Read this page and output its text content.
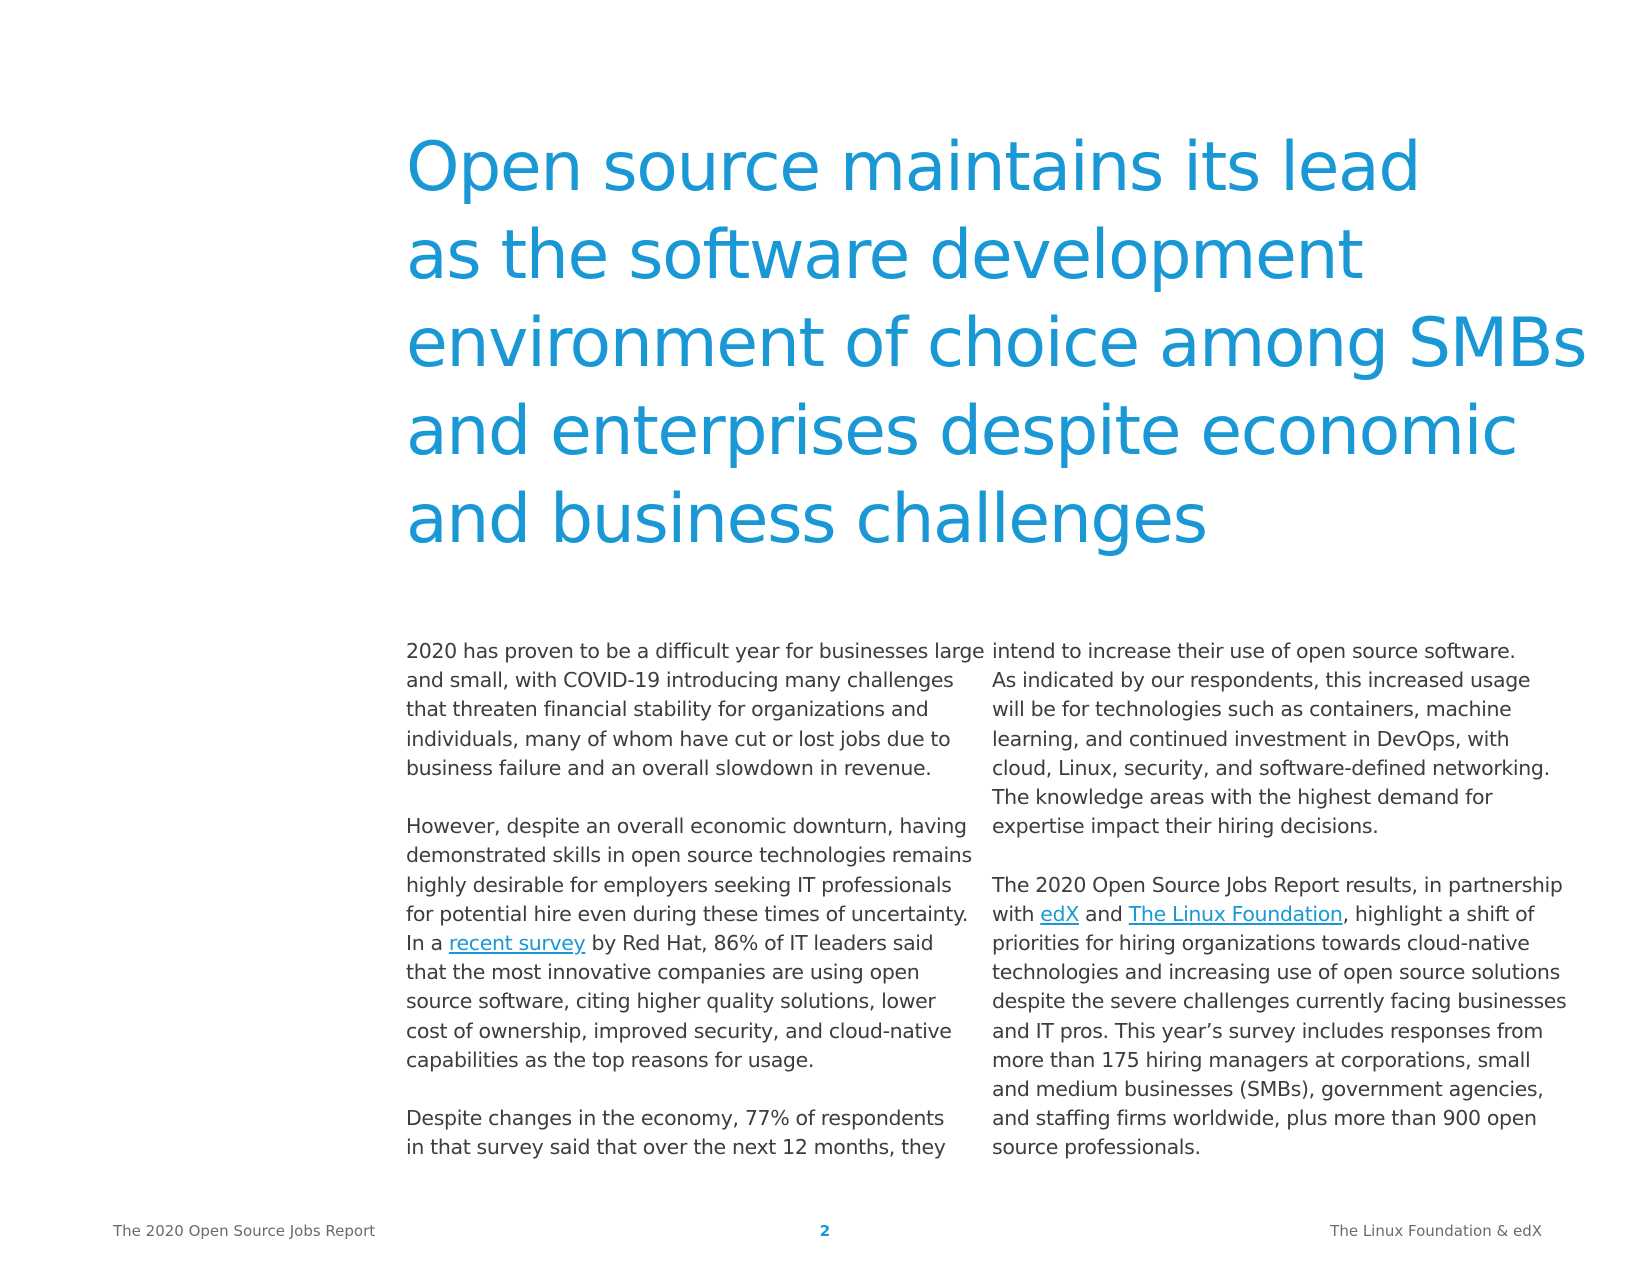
Open source maintains its lead
as the software development
environment of choice among SMBs
and enterprises despite economic
and business challenges

2020 has proven to be a difficult year for businesses large
and small, with COVID-19 introducing many challenges
that threaten financial stability for organizations and
individuals, many of whom have cut or lost jobs due to
business failure and an overall slowdown in revenue.

However, despite an overall economic downturn, having
demonstrated skills in open source technologies remains
highly desirable for employers seeking IT professionals
for potential hire even during these times of uncertainty.
In a recent survey by Red Hat, 86% of IT leaders said
that the most innovative companies are using open
source software, citing higher quality solutions, lower
cost of ownership, improved security, and cloud-native
capabilities as the top reasons for usage.

Despite changes in the economy, 77% of respondents
in that survey said that over the next 12 months, they

intend to increase their use of open source software.
As indicated by our respondents, this increased usage
will be for technologies such as containers, machine
learning, and continued investment in DevOps, with
cloud, Linux, security, and software-defined networking.
The knowledge areas with the highest demand for
expertise impact their hiring decisions.

The 2020 Open Source Jobs Report results, in partnership
with edX and The Linux Foundation, highlight a shift of
priorities for hiring organizations towards cloud-native
technologies and increasing use of open source solutions
despite the severe challenges currently facing businesses
and IT pros. This year’s survey includes responses from
more than 175 hiring managers at corporations, small
and medium businesses (SMBs), government agencies,
and staffing firms worldwide, plus more than 900 open
source professionals.

The 2020 Open Source Jobs Report	2	The Linux Foundation & edX
